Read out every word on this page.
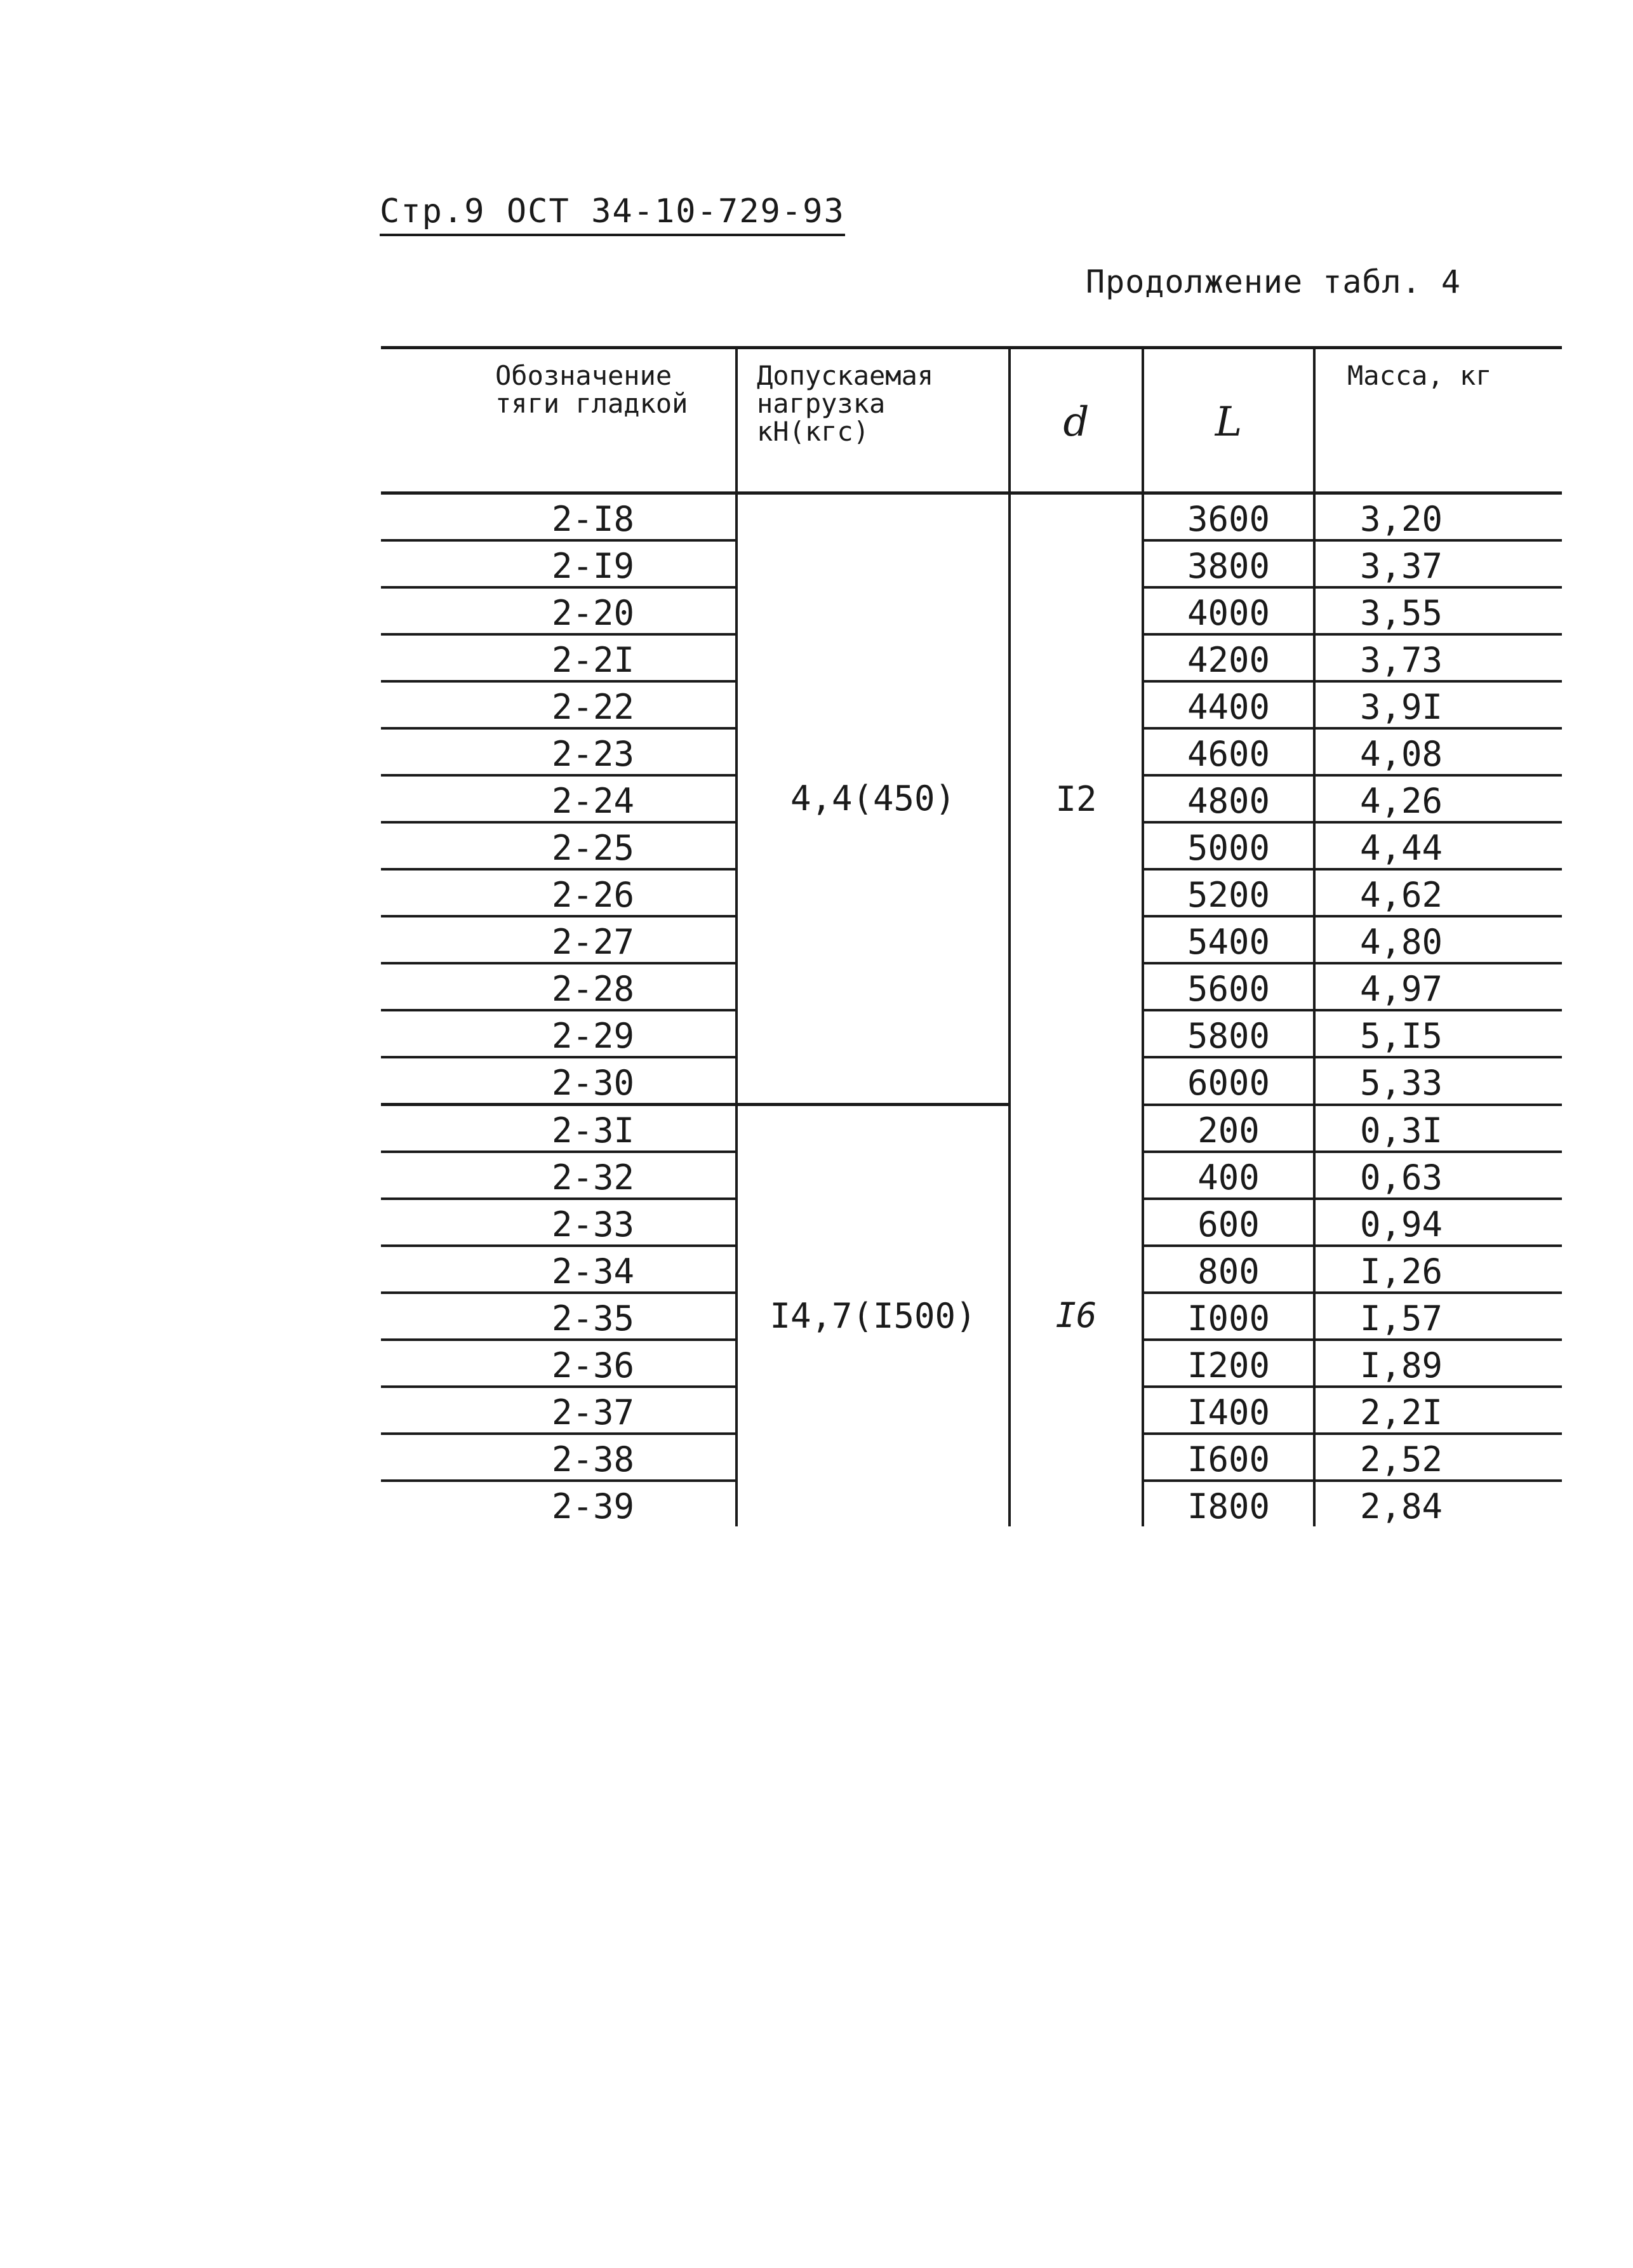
Стр.9 ОСТ 34-10-729-93
Продолжение табл. 4
Обозначение тяги гладкой	Допускаемая нагрузка кН(кгс)	d	L	Масса, кг
2-I8	4,4(450)	I2	3600	3,20
2-I9			3800	3,37
2-20			4000	3,55
2-2I			4200	3,73
2-22			4400	3,9I
2-23			4600	4,08
2-24			4800	4,26
2-25			5000	4,44
2-26			5200	4,62
2-27			5400	4,80
2-28			5600	4,97
2-29			5800	5,I5
2-30			6000	5,33
2-3I	I4,7(I500)	I6	200	0,3I
2-32			400	0,63
2-33			600	0,94
2-34			800	I,26
2-35			I000	I,57
2-36			I200	I,89
2-37			I400	2,2I
2-38			I600	2,52
2-39			I800	2,84
